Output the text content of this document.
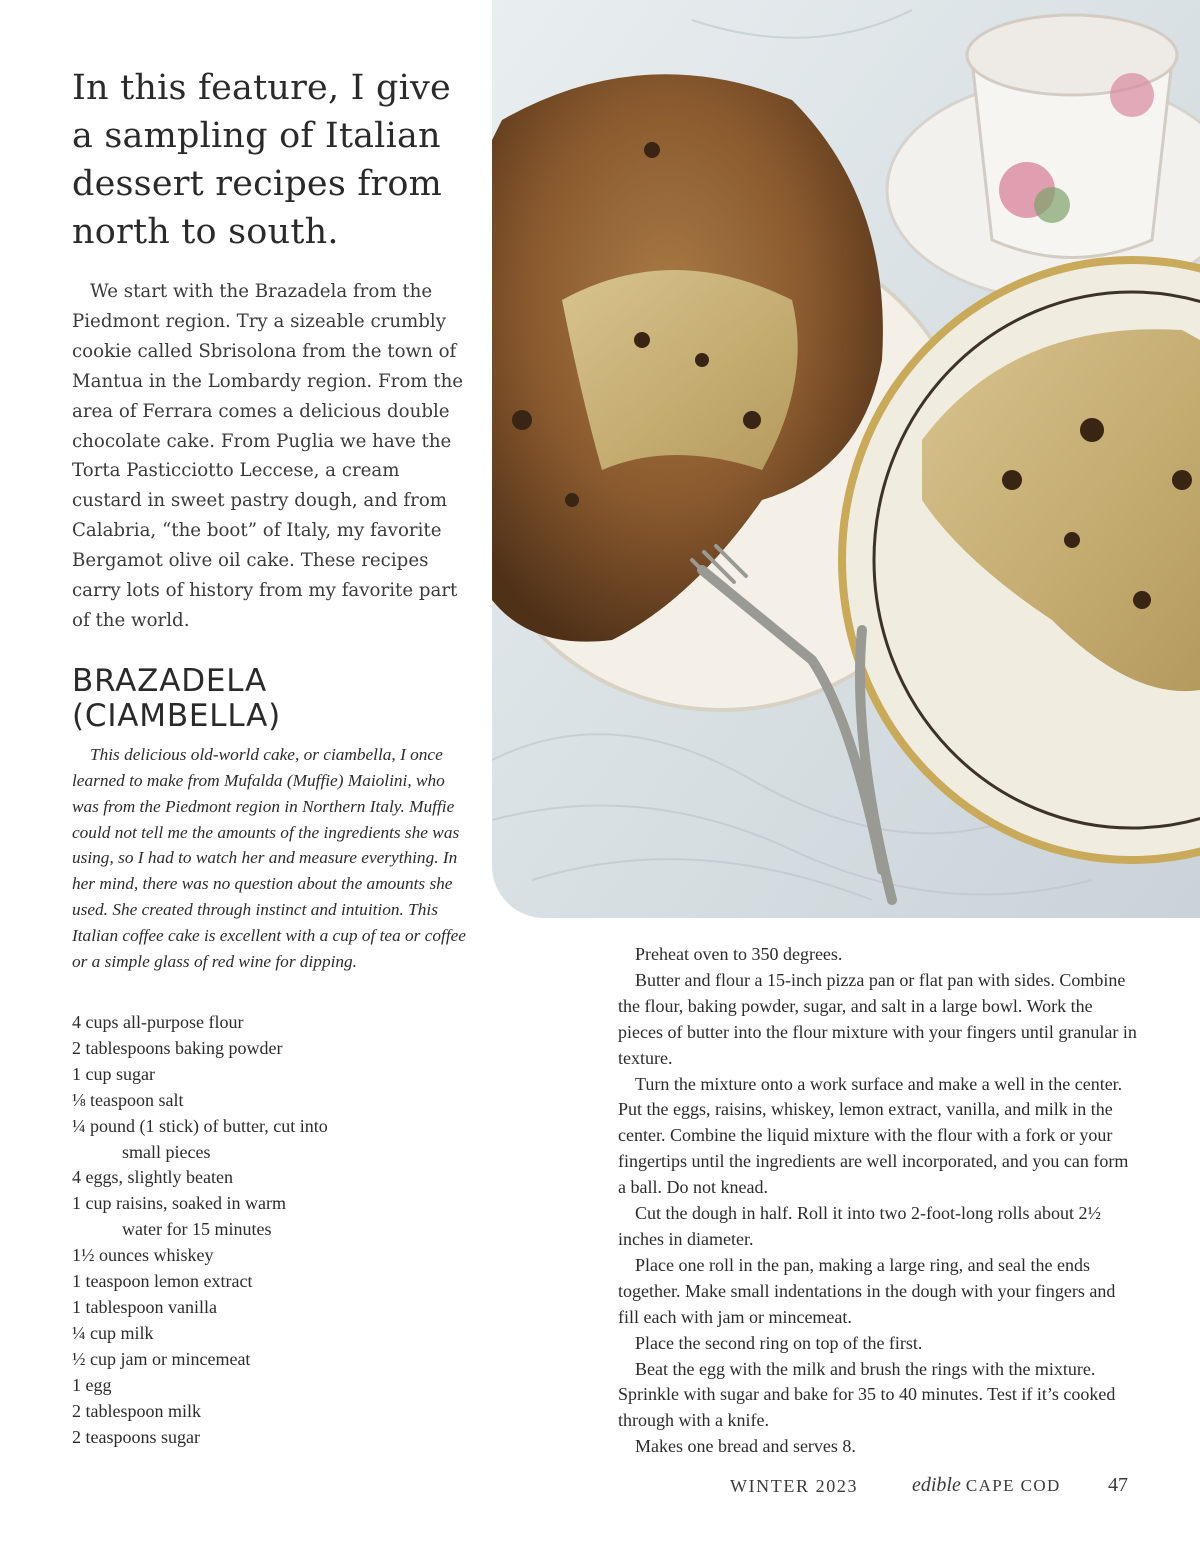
In this feature, I give a sampling of Italian dessert recipes from north to south.

We start with the Brazadela from the Piedmont region. Try a sizeable crumbly cookie called Sbrisolona from the town of Mantua in the Lombardy region. From the area of Ferrara comes a delicious double chocolate cake. From Puglia we have the Torta Pasticciotto Leccese, a cream custard in sweet pastry dough, and from Calabria, “the boot” of Italy, my favorite Bergamot olive oil cake. These recipes carry lots of history from my favorite part of the world.

BRAZADELA
(CIAMBELLA)

This delicious old-world cake, or ciambella, I once learned to make from Mufalda (Muffie) Maiolini, who was from the Piedmont region in Northern Italy. Muffie could not tell me the amounts of the ingredients she was using, so I had to watch her and measure everything. In her mind, there was no question about the amounts she used. She created through instinct and intuition. This Italian coffee cake is excellent with a cup of tea or coffee or a simple glass of red wine for dipping.

4 cups all-purpose flour
2 tablespoons baking powder
1 cup sugar
⅛ teaspoon salt
¼ pound (1 stick) of butter, cut into
small pieces
4 eggs, slightly beaten
1 cup raisins, soaked in warm
water for 15 minutes
1½ ounces whiskey
1 teaspoon lemon extract
1 tablespoon vanilla
¼ cup milk
½ cup jam or mincemeat
1 egg
2 tablespoon milk
2 teaspoons sugar

Preheat oven to 350 degrees.

Butter and flour a 15-inch pizza pan or flat pan with sides. Combine the flour, baking powder, sugar, and salt in a large bowl. Work the pieces of butter into the flour mixture with your fingers until granular in texture.

Turn the mixture onto a work surface and make a well in the center. Put the eggs, raisins, whiskey, lemon extract, vanilla, and milk in the center. Combine the liquid mixture with the flour with a fork or your fingertips until the ingredients are well incorporated, and you can form a ball. Do not knead.

Cut the dough in half. Roll it into two 2-foot-long rolls about 2½ inches in diameter.

Place one roll in the pan, making a large ring, and seal the ends together. Make small indentations in the dough with your fingers and fill each with jam or mincemeat.

Place the second ring on top of the first.

Beat the egg with the milk and brush the rings with the mixture. Sprinkle with sugar and bake for 35 to 40 minutes. Test if it’s cooked through with a knife.

Makes one bread and serves 8.

WINTER 2023	edible CAPE COD 47
